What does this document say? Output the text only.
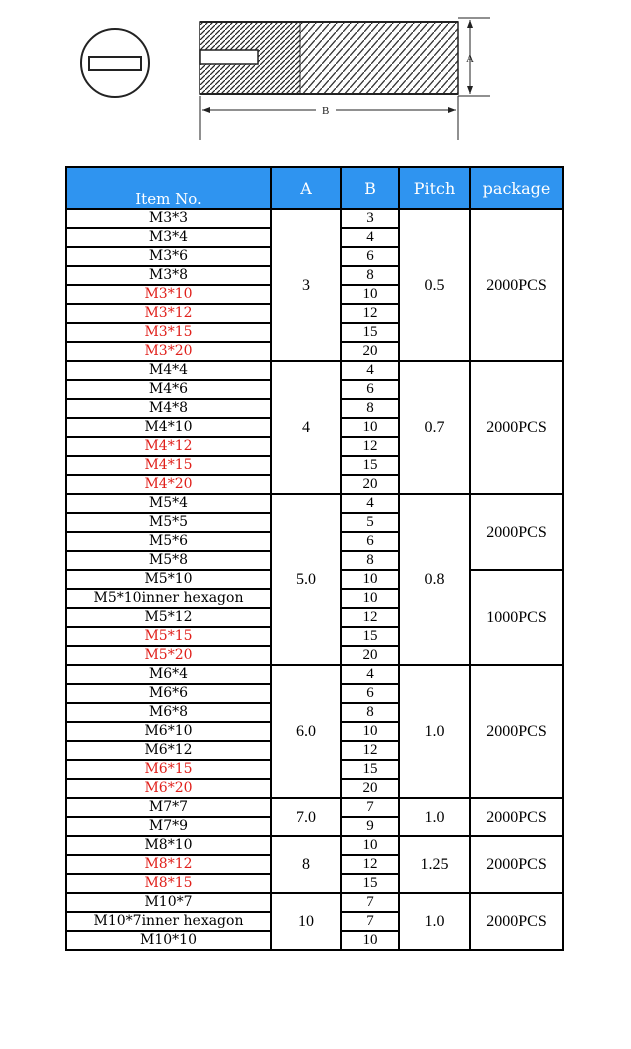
A
B
Item No.	A	B	Pitch	package
M3*3	3	3	0.5	2000PCS
M3*4		4		
M3*6		6		
M3*8		8		
M3*10		10		
M3*12		12		
M3*15		15		
M3*20		20		
M4*4	4	4	0.7	2000PCS
M4*6		6		
M4*8		8		
M4*10		10		
M4*12		12		
M4*15		15		
M4*20		20		
M5*4	5.0	4	0.8	2000PCS
M5*5		5		
M5*6		6		
M5*8		8		
M5*10		10		1000PCS
M5*10inner hexagon		10		
M5*12		12		
M5*15		15		
M5*20		20		
M6*4	6.0	4	1.0	2000PCS
M6*6		6		
M6*8		8		
M6*10		10		
M6*12		12		
M6*15		15		
M6*20		20		
M7*7	7.0	7	1.0	2000PCS
M7*9		9		
M8*10	8	10	1.25	2000PCS
M8*12		12		
M8*15		15		
M10*7	10	7	1.0	2000PCS
M10*7inner hexagon		7		
M10*10		10		
